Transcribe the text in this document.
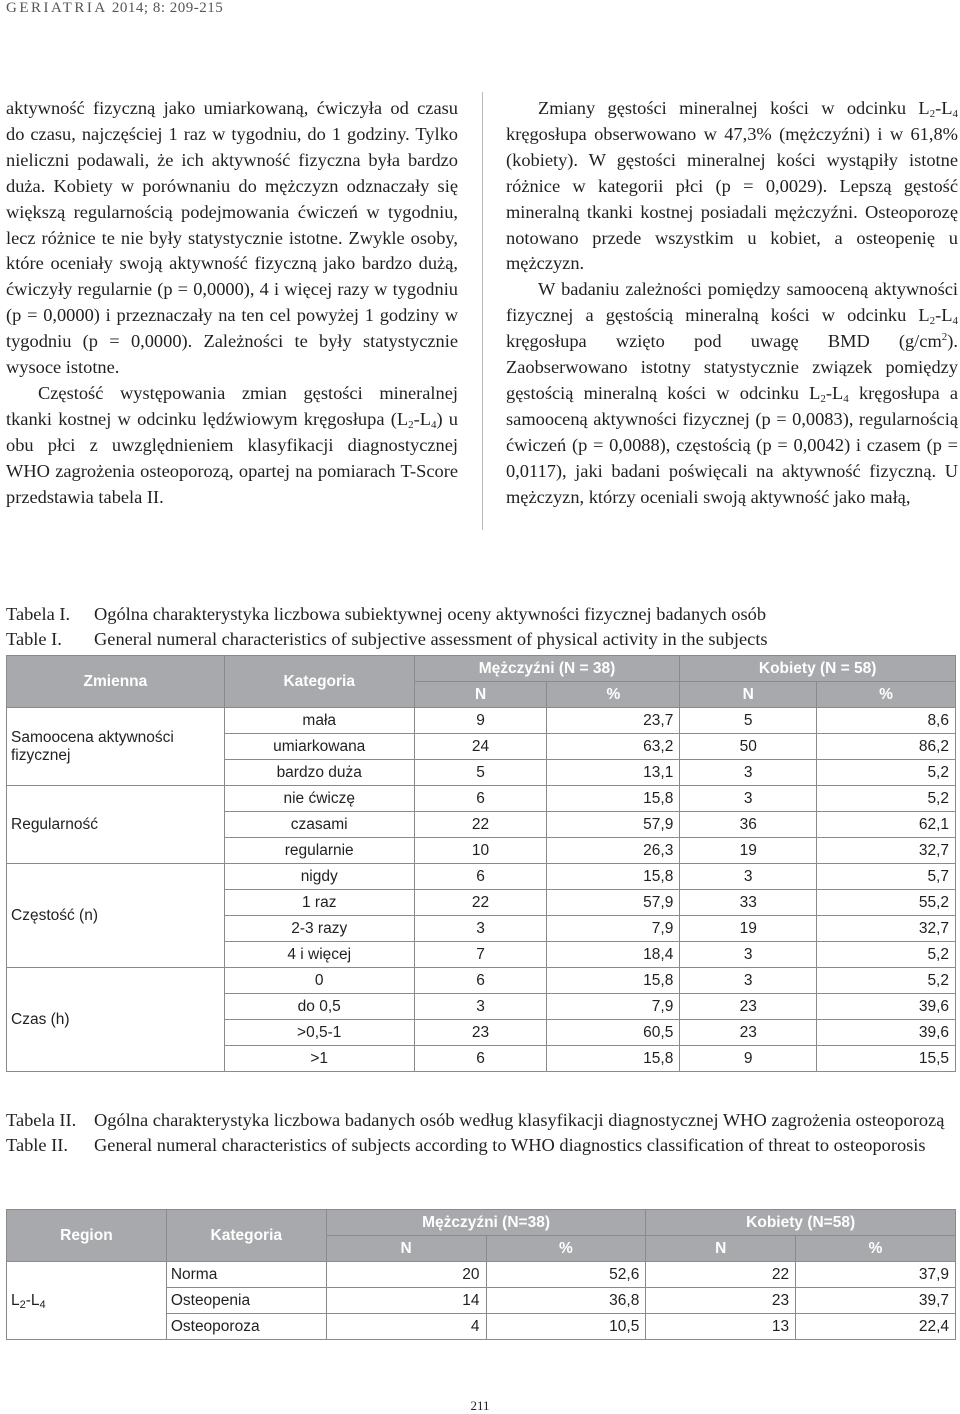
GERIATRIA 2014; 8: 209-215

aktywność fizyczną jako umiarkowaną, ćwiczyła od czasu do czasu, najczęściej 1 raz w tygodniu, do 1 godziny. Tylko nieliczni podawali, że ich aktywność fizyczna była bardzo duża. Kobiety w porównaniu do mężczyzn odznaczały się większą regularnością podejmowania ćwiczeń w tygodniu, lecz różnice te nie były statystycznie istotne. Zwykle osoby, które oceniały swoją aktywność fizyczną jako bardzo dużą, ćwiczyły regularnie (p = 0,0000), 4 i więcej razy w tygodniu (p = 0,0000) i przeznaczały na ten cel powyżej 1 godziny w tygodniu (p = 0,0000). Zależności te były statystycznie wysoce istotne.

Częstość występowania zmian gęstości mineralnej tkanki kostnej w odcinku lędźwiowym kręgosłupa $(L_2-L_4)$ u obu płci z uwzględnieniem klasyfikacji diagnostycznej WHO zagrożenia osteoporozą, opartej na pomiarach T-Score przedstawia tabela II.

Zmiany gęstości mineralnej kości w odcinku $L_2-L_4$ kręgosłupa obserwowano w 47,3% (mężczyźni) i w 61,8% (kobiety). W gęstości mineralnej kości wystąpiły istotne różnice w kategorii płci (p = 0,0029). Lepszą gęstość mineralną tkanki kostnej posiadali mężczyźni. Osteoporozę notowano przede wszystkim u kobiet, a osteopenię u mężczyzn.

W badaniu zależności pomiędzy samooceną aktywności fizycznej a gęstością mineralną kości w odcinku $L_2-L_4$ kręgosłupa wzięto pod uwagę BMD $(g/cm^2)$. Zaobserwowano istotny statystycznie związek pomiędzy gęstością mineralną kości w odcinku $L_2-L_4$ kręgosłupa a samooceną aktywności fizycznej (p = 0,0083), regularnością ćwiczeń (p = 0,0088), częstością (p = 0,0042) i czasem (p = 0,0117), jaki badani poświęcali na aktywność fizyczną. U mężczyzn, którzy oceniali swoją aktywność jako małą,

Tabela I.	Ogólna charakterystyka liczbowa subiektywnej oceny aktywności fizycznej badanych osób
Table I.	General numeral characteristics of subjective assessment of physical activity in the subjects
Zmienna	Kategoria	Mężczyźni (N = 38)		Kobiety (N = 58)	
		N	%	N	%
Samoocena aktywności fizycznej	mała	9	23,7	5	8,6
	umiarkowana	24	63,2	50	86,2
	bardzo duża	5	13,1	3	5,2
Regularność	nie ćwiczę	6	15,8	3	5,2
	czasami	22	57,9	36	62,1
	regularnie	10	26,3	19	32,7
Częstość (n)	nigdy	6	15,8	3	5,7
	1 raz	22	57,9	33	55,2
	2-3 razy	3	7,9	19	32,7
	4 i więcej	7	18,4	3	5,2
Czas (h)	0	6	15,8	3	5,2
	do 0,5	3	7,9	23	39,6
	>0,5-1	23	60,5	23	39,6
	>1	6	15,8	9	15,5
Tabela II. Ogólna charakterystyka liczbowa badanych osób według klasyfikacji diagnostycznej WHO zagrożenia osteoporozą
Table II.	General numeral characteristics of subjects according to WHO diagnostics classification of threat to osteoporosis
Region	Kategoria	Mężczyźni (N=38)		Kobiety (N=58)	
		N	%	N	%
$L_2-L_4$	Norma	20	52,6	22	37,9
	Osteopenia	14	36,8	23	39,7
	Osteoporoza	4	10,5	13	22,4
211
